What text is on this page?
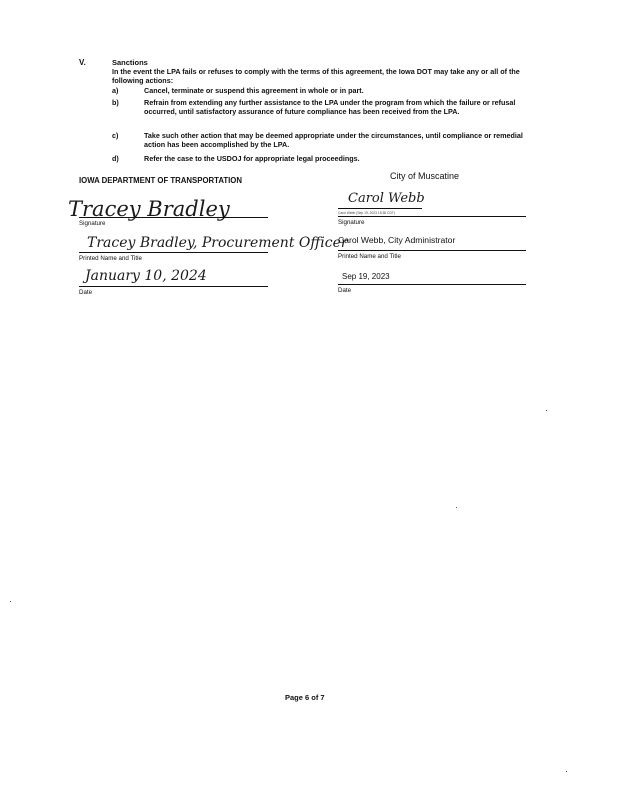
V.	Sanctions
In the event the LPA fails or refuses to comply with the terms of this agreement, the Iowa DOT may take any or all of the following actions:
a)	Cancel, terminate or suspend this agreement in whole or in part.
b)	Refrain from extending any further assistance to the LPA under the program from which the failure or refusal occurred, until satisfactory assurance of future compliance has been received from the LPA.
c)	Take such other action that may be deemed appropriate under the circumstances, until compliance or remedial action has been accomplished by the LPA.
d)	Refer the case to the USDOJ for appropriate legal proceedings.
IOWA DEPARTMENT OF TRANSPORTATION
Tracey Bradley
Signature
Tracey Bradley, Procurement Officer
Printed Name and Title
January 10, 2024
Date
City of Muscatine
Carol Webb
Carol Webb (Sep 19, 2023 15:38 CDT)
Signature
Carol Webb, City Administrator
Printed Name and Title
Sep 19, 2023
Date
Page 6 of 7
